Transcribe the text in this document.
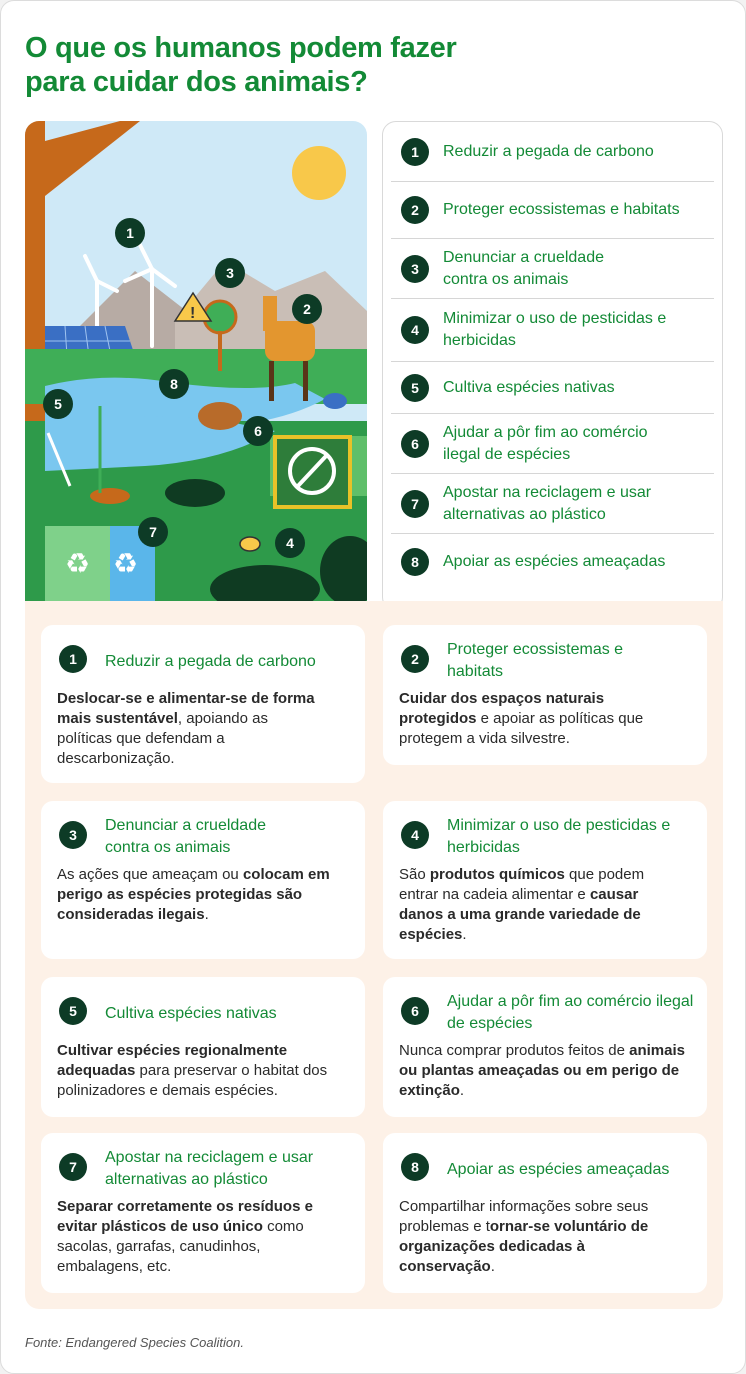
O que os humanos podem fazer
para cuidar dos animais?
!
♻ ♻
1
2
3
4
5
6
7
8
1	Reduzir a pegada de carbono
2	Proteger ecossistemas e habitats
3
Denunciar a crueldade contra os animais
4
Minimizar o uso de pesticidas e herbicidas
5	Cultiva espécies nativas
6
Ajudar a pôr fim ao comércio ilegal de espécies
7
Apostar na reciclagem e usar alternativas ao plástico
8	Apoiar as espécies ameaçadas
1	Reduzir a pegada de carbono
Deslocar-se e alimentar-se de forma mais sustentável, apoiando as políticas que defendam a descarbonização.
2
Proteger ecossistemas e habitats
Cuidar dos espaços naturais protegidos e apoiar as políticas que protegem a vida silvestre.
3
Denunciar a crueldade contra os animais
As ações que ameaçam ou colocam em perigo as espécies protegidas são consideradas ilegais.
4
Minimizar o uso de pesticidas e herbicidas
São produtos químicos que podem entrar na cadeia alimentar e causar danos a uma grande variedade de espécies.
5	Cultiva espécies nativas
Cultivar espécies regionalmente adequadas para preservar o habitat dos polinizadores e demais espécies.
6
Ajudar a pôr fim ao comércio ilegal de espécies
Nunca comprar produtos feitos de animais ou plantas ameaçadas ou em perigo de extinção.
7
Apostar na reciclagem e usar alternativas ao plástico
Separar corretamente os resíduos e evitar plásticos de uso único como sacolas, garrafas, canudinhos, embalagens, etc.
8	Apoiar as espécies ameaçadas
Compartilhar informações sobre seus problemas e tornar-se voluntário de organizações dedicadas à conservação.
Fonte: Endangered Species Coalition.
